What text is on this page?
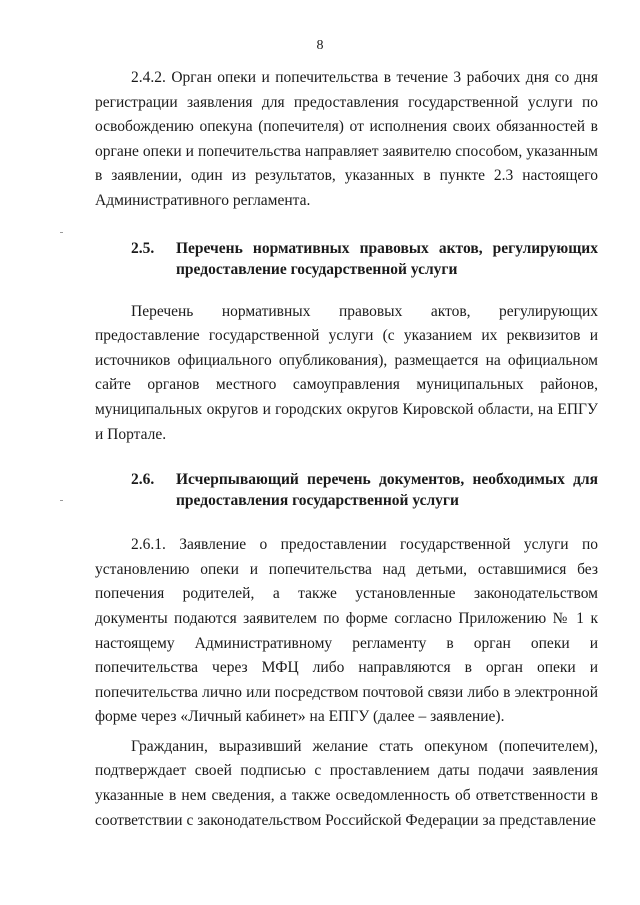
8

2.4.2. Орган опеки и попечительства в течение 3 рабочих дня со дня регистрации заявления для предоставления государственной услуги по освобождению опекуна (попечителя) от исполнения своих обязанностей в органе опеки и попечительства направляет заявителю способом, указанным в заявлении, один из результатов, указанных в пункте 2.3 настоящего Административного регламента.

2.5.	Перечень нормативных правовых актов, регулирующих предоставление государственной услуги

Перечень нормативных правовых актов, регулирующих предоставление государственной услуги (с указанием их реквизитов и источников официального опубликования), размещается на официальном сайте органов местного самоуправления муниципальных районов, муниципальных округов и городских округов Кировской области, на ЕПГУ и Портале.

2.6.	Исчерпывающий перечень документов, необходимых для предоставления государственной услуги

2.6.1. Заявление о предоставлении государственной услуги по установлению опеки и попечительства над детьми, оставшимися без попечения родителей, а также установленные законодательством документы подаются заявителем по форме согласно Приложению № 1 к настоящему Административному регламенту в орган опеки и попечительства через МФЦ либо направляются в орган опеки и попечительства лично или посредством почтовой связи либо в электронной форме через «Личный кабинет» на ЕПГУ (далее – заявление).

Гражданин, выразивший желание стать опекуном (попечителем), подтверждает своей подписью с проставлением даты подачи заявления указанные в нем сведения, а также осведомленность об ответственности в соответствии с законодательством Российской Федерации за представление
